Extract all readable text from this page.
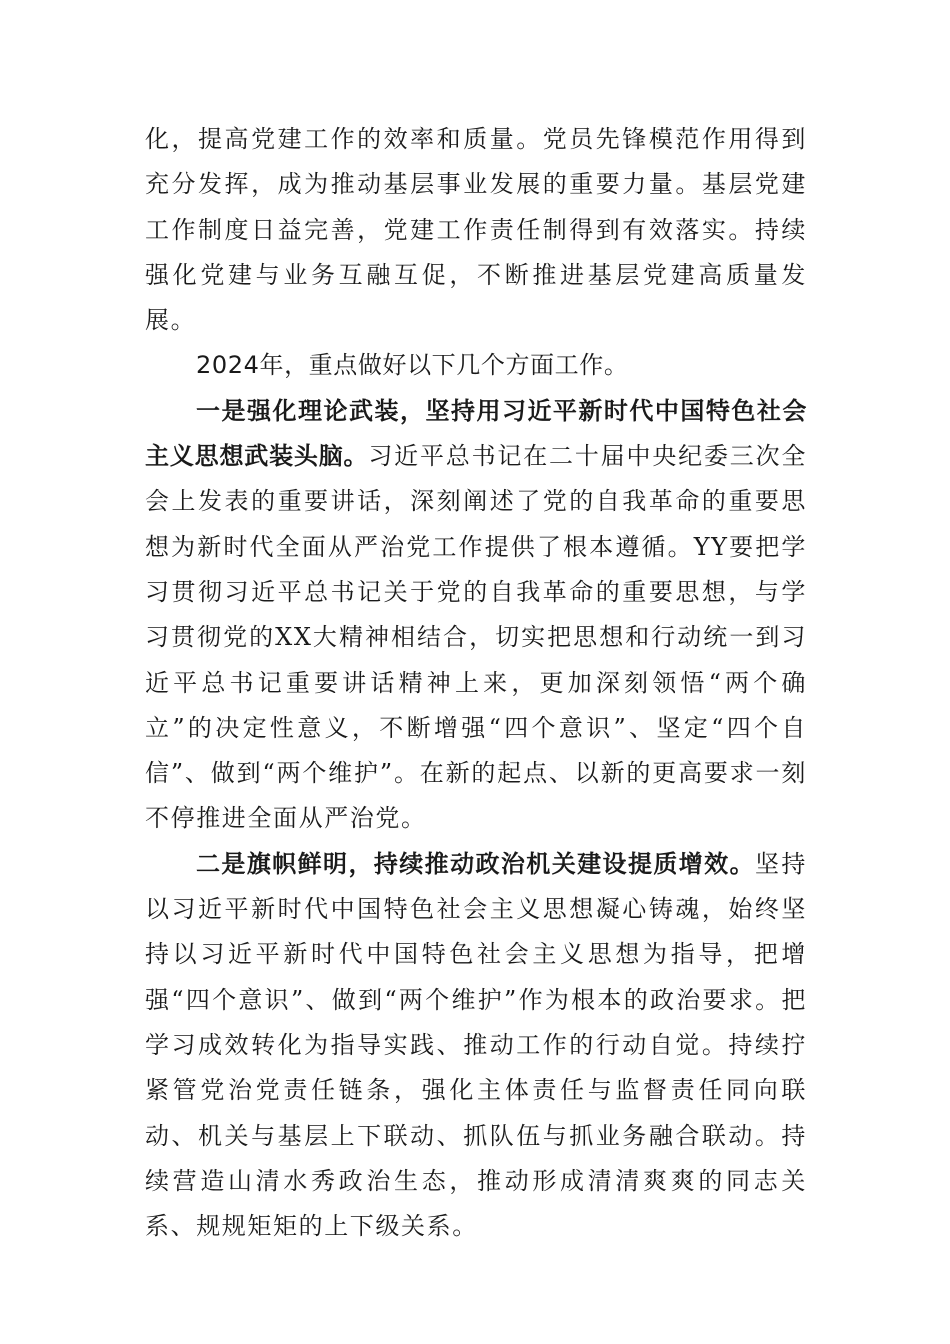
化，提高党建工作的效率和质量。党员先锋模范作用得到充分发挥，成为推动基层事业发展的重要力量。基层党建工作制度日益完善，党建工作责任制得到有效落实。持续强化党建与业务互融互促，不断推进基层党建高质量发展。

2024年，重点做好以下几个方面工作。

一是强化理论武装，坚持用习近平新时代中国特色社会主义思想武装头脑。习近平总书记在二十届中央纪委三次全会上发表的重要讲话，深刻阐述了党的自我革命的重要思想为新时代全面从严治党工作提供了根本遵循。YY要把学习贯彻习近平总书记关于党的自我革命的重要思想，与学习贯彻党的XX大精神相结合，切实把思想和行动统一到习近平总书记重要讲话精神上来，更加深刻领悟“两个确立”的决定性意义，不断增强“四个意识”、坚定“四个自信”、做到“两个维护”。在新的起点、以新的更高要求一刻不停推进全面从严治党。

二是旗帜鲜明，持续推动政治机关建设提质增效。坚持以习近平新时代中国特色社会主义思想凝心铸魂，始终坚持以习近平新时代中国特色社会主义思想为指导，把增强“四个意识”、做到“两个维护”作为根本的政治要求。把学习成效转化为指导实践、推动工作的行动自觉。持续拧紧管党治党责任链条，强化主体责任与监督责任同向联动、机关与基层上下联动、抓队伍与抓业务融合联动。持续营造山清水秀政治生态，推动形成清清爽爽的同志关系、规规矩矩的上下级关系。
